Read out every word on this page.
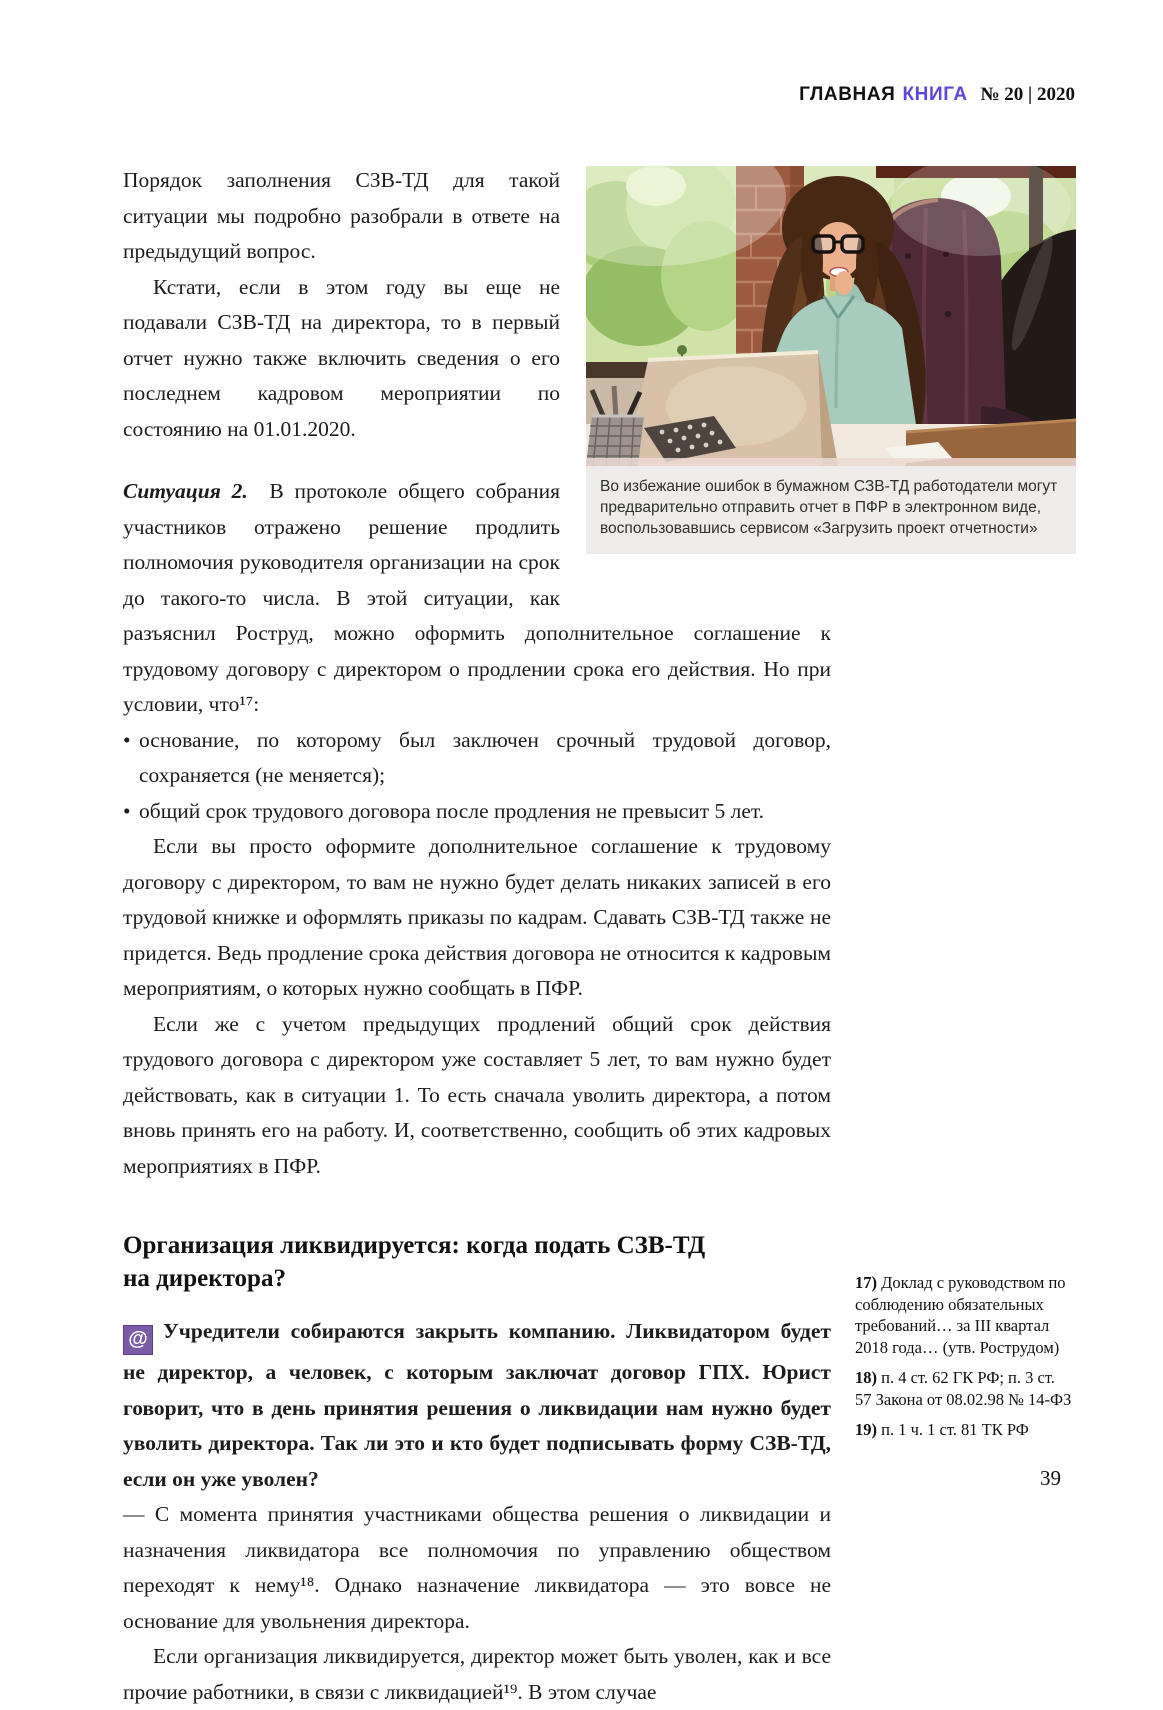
ГЛАВНАЯ КНИГА № 20 | 2020
Во избежание ошибок в бумажном СЗВ-ТД работодатели могут предварительно отправить отчет в ПФР в электронном виде, воспользовавшись сервисом «Загрузить проект отчетности»

Порядок заполнения СЗВ-ТД для такой ситуации мы подробно разобрали в ответе на предыдущий вопрос.

Кстати, если в этом году вы еще не подавали СЗВ-ТД на директора, то в первый отчет нужно также включить сведения о его последнем кадровом мероприятии по состоянию на 01.01.2020.

Ситуация 2. В протоколе общего собрания участников отражено решение продлить полномочия руководителя организации на срок до такого-то числа. В этой ситуации, как разъяснил Роструд, можно оформить дополнительное соглашение к трудовому договору с директором о продлении срока его действия. Но при условии, что¹⁷:

• основание, по которому был заключен срочный трудовой договор, сохраняется (не меняется);
• общий срок трудового договора после продления не превысит 5 лет.

Если вы просто оформите дополнительное соглашение к трудовому договору с директором, то вам не нужно будет делать никаких записей в его трудовой книжке и оформлять приказы по кадрам. Сдавать СЗВ-ТД также не придется. Ведь продление срока действия договора не относится к кадровым мероприятиям, о которых нужно сообщать в ПФР.

Если же с учетом предыдущих продлений общий срок действия трудового договора с директором уже составляет 5 лет, то вам нужно будет действовать, как в ситуации 1. То есть сначала уволить директора, а потом вновь принять его на работу. И, соответственно, сообщить об этих кадровых мероприятиях в ПФР.

Организация ликвидируется: когда подать СЗВ-ТД на директора?

@ Учредители собираются закрыть компанию. Ликвидатором будет не директор, а человек, с которым заключат договор ГПХ. Юрист говорит, что в день принятия решения о ликвидации нам нужно будет уволить директора. Так ли это и кто будет подписывать форму СЗВ-ТД, если он уже уволен?

— С момента принятия участниками общества решения о ликвидации и назначения ликвидатора все полномочия по управлению обществом переходят к нему¹⁸. Однако назначение ликвидатора — это вовсе не основание для увольнения директора.

Если организация ликвидируется, директор может быть уволен, как и все прочие работники, в связи с ликвидацией¹⁹. В этом случае

17) Доклад с руководством по соблюдению обязательных требований… за III квартал 2018 года… (утв. Рострудом)
18) п. 4 ст. 62 ГК РФ; п. 3 ст. 57 Закона от 08.02.98 № 14-ФЗ
19) п. 1 ч. 1 ст. 81 ТК РФ
39
